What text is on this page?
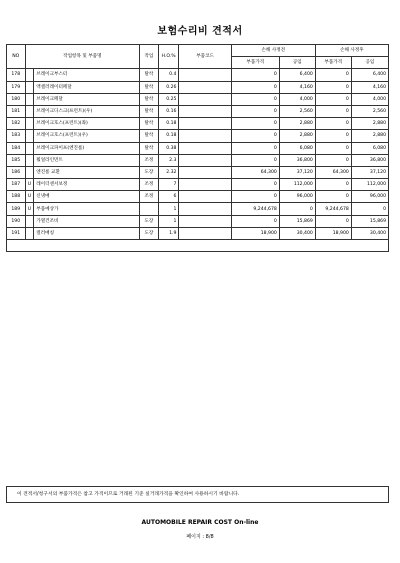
보험수리비 견적서
NO	작업항목 및 부품명		작업	H.O.%	부품코드	손해 사정전		손해 사정후	
						부품가격	공임	부품가격	공임
178		브레이크부스터	탈착	0.4		0	6,400	0	6,400
179		액셀러레이터페달	탈착	0.26		0	4,160	0	4,160
180		브레이크페달	탈착	0.25		0	4,000	0	4,000
181		브레이크디스크(프런트)(우)	탈착	0.16		0	2,560	0	2,560
182		브레이크호스(프런트)(좌)	탈착	0.18		0	2,880	0	2,880
183		브레이크호스(프런트)(우)	탈착	0.18		0	2,880	0	2,880
184		브레이크파이프(엔진룸)	탈착	0.38		0	6,080	0	6,080
185		휠얼라인먼트	조정	2.3		0	36,800	0	36,800
186		엔진룸 교환	도장	2.32		64,300	37,120	64,300	37,120
187	U	레이더센서보정	조정	7		0	112,000	0	112,000
188	U	신냉매	조정	6		0	96,000	0	96,000
189	U	부품예상가		1		9,244,678	0	9,244,678	0
190		가열건조비	도장	1		0	15,869	0	15,869
191		컬러매칭	도장	1.9		18,900	30,400	18,900	30,400

이 견적서/청구서의 부품가격은 참고 가격이므로 거래된 기준 실거래가격을 확인하여 사용하시기 바랍니다.
AUTOMOBILE REPAIR COST On-line
페이지 : 8/8
